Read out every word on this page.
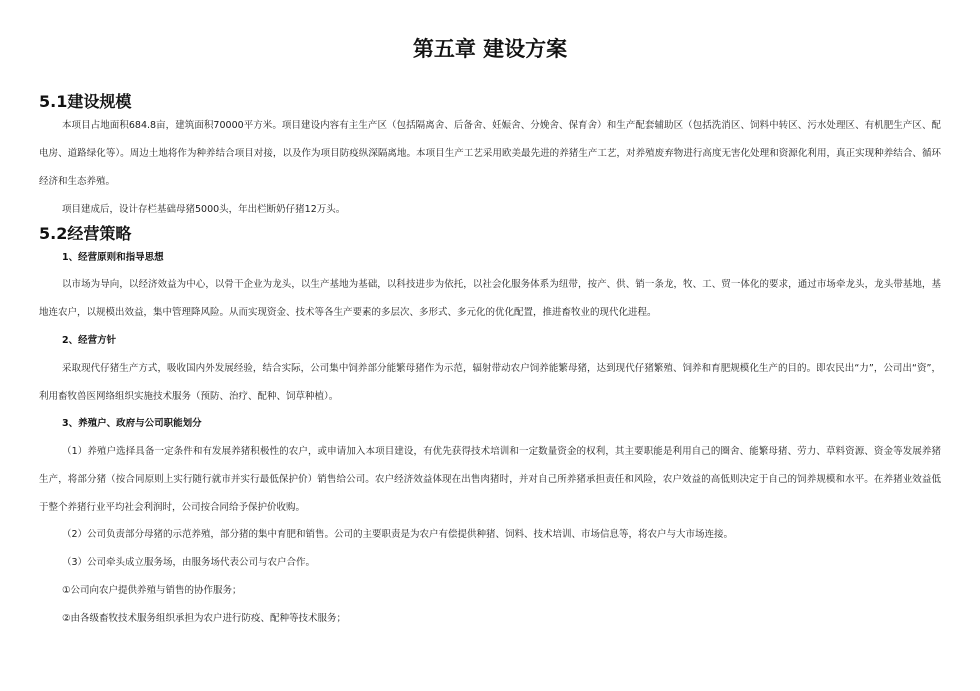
第五章 建设方案
5.1建设规模

本项目占地面积684.8亩，建筑面积70000平方米。项目建设内容有主生产区（包括隔离舍、后备舍、妊娠舍、分娩舍、保育舍）和生产配套辅助区（包括洗消区、饲料中转区、污水处理区、有机肥生产区、配电房、道路绿化等）。周边土地将作为种养结合项目对接，以及作为项目防疫纵深隔离地。本项目生产工艺采用欧美最先进的养猪生产工艺，对养殖废弃物进行高度无害化处理和资源化利用，真正实现种养结合、循环经济和生态养殖。

项目建成后，设计存栏基础母猪5000头，年出栏断奶仔猪12万头。

5.2经营策略
1、经营原则和指导思想

以市场为导向，以经济效益为中心，以骨干企业为龙头，以生产基地为基础，以科技进步为依托，以社会化服务体系为纽带，按产、供、销一条龙，牧、工、贸一体化的要求，通过市场牵龙头，龙头带基地，基地连农户，以规模出效益，集中管理降风险。从而实现资金、技术等各生产要素的多层次、多形式、多元化的优化配置，推进畜牧业的现代化进程。

2、经营方针

采取现代仔猪生产方式，吸收国内外发展经验，结合实际，公司集中饲养部分能繁母猪作为示范，辐射带动农户饲养能繁母猪，达到现代仔猪繁殖、饲养和育肥规模化生产的目的。即农民出“力”，公司出“资”，利用畜牧兽医网络组织实施技术服务（预防、治疗、配种、饲草种植）。

3、养殖户、政府与公司职能划分

（1）养殖户选择具备一定条件和有发展养猪积极性的农户，或申请加入本项目建设，有优先获得技术培训和一定数量资金的权利，其主要职能是利用自己的圈舍、能繁母猪、劳力、草料资源、资金等发展养猪生产，将部分猪（按合同原则上实行随行就市并实行最低保护价）销售给公司。农户经济效益体现在出售肉猪时，并对自己所养猪承担责任和风险，农户效益的高低则决定于自己的饲养规模和水平。在养猪业效益低于整个养猪行业平均社会利润时，公司按合同给予保护价收购。

（2）公司负责部分母猪的示范养殖，部分猪的集中育肥和销售。公司的主要职责是为农户有偿提供种猪、饲料、技术培训、市场信息等，将农户与大市场连接。

（3）公司牵头成立服务场，由服务场代表公司与农户合作。

①公司向农户提供养殖与销售的协作服务；

②由各级畜牧技术服务组织承担为农户进行防疫、配种等技术服务；
